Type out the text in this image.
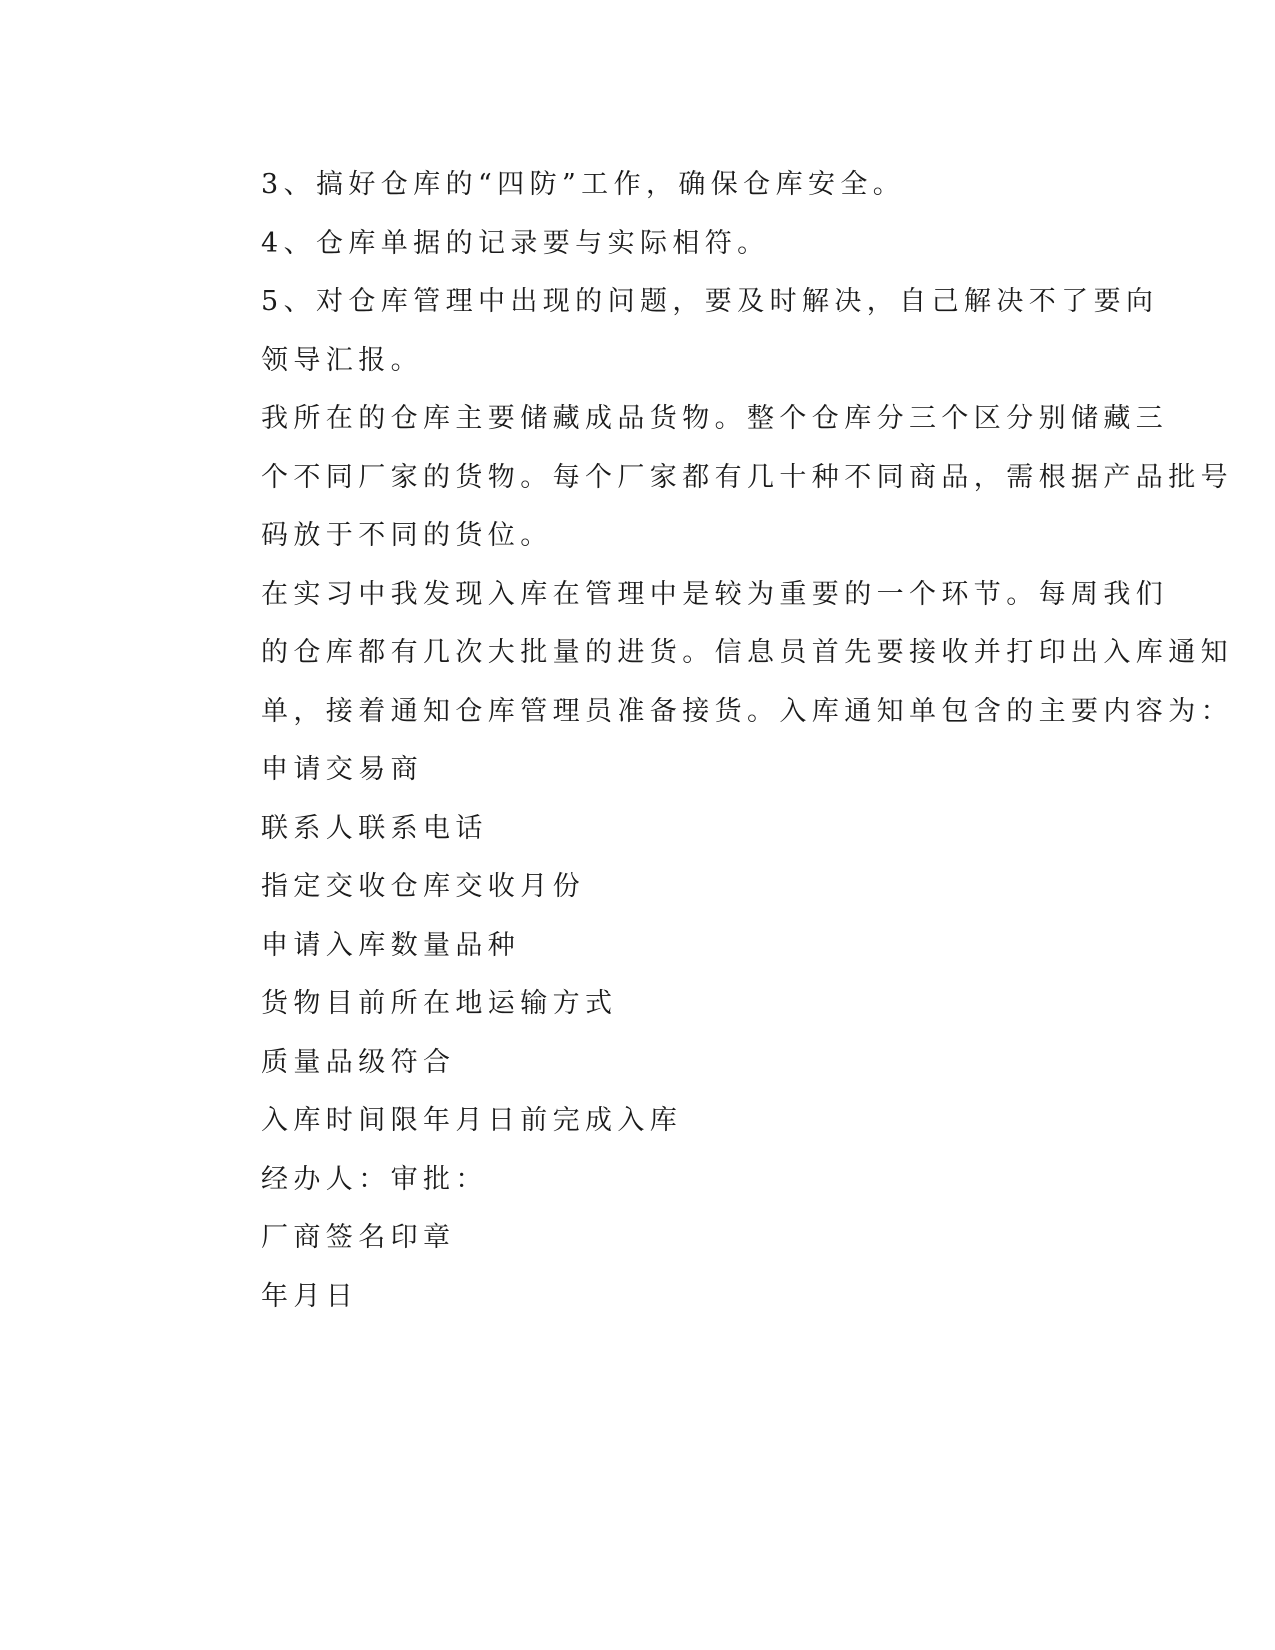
3、搞好仓库的“四防”工作，确保仓库安全。
4、仓库单据的记录要与实际相符。
5、对仓库管理中出现的问题，要及时解决，自己解决不了要向
领导汇报。
我所在的仓库主要储藏成品货物。整个仓库分三个区分别储藏三
个不同厂家的货物。每个厂家都有几十种不同商品，需根据产品批号
码放于不同的货位。
在实习中我发现入库在管理中是较为重要的一个环节。每周我们
的仓库都有几次大批量的进货。信息员首先要接收并打印出入库通知
单，接着通知仓库管理员准备接货。入库通知单包含的主要内容为：
申请交易商
联系人联系电话
指定交收仓库交收月份
申请入库数量品种
货物目前所在地运输方式
质量品级符合
入库时间限年月日前完成入库
经办人：审批：
厂商签名印章
年月日
